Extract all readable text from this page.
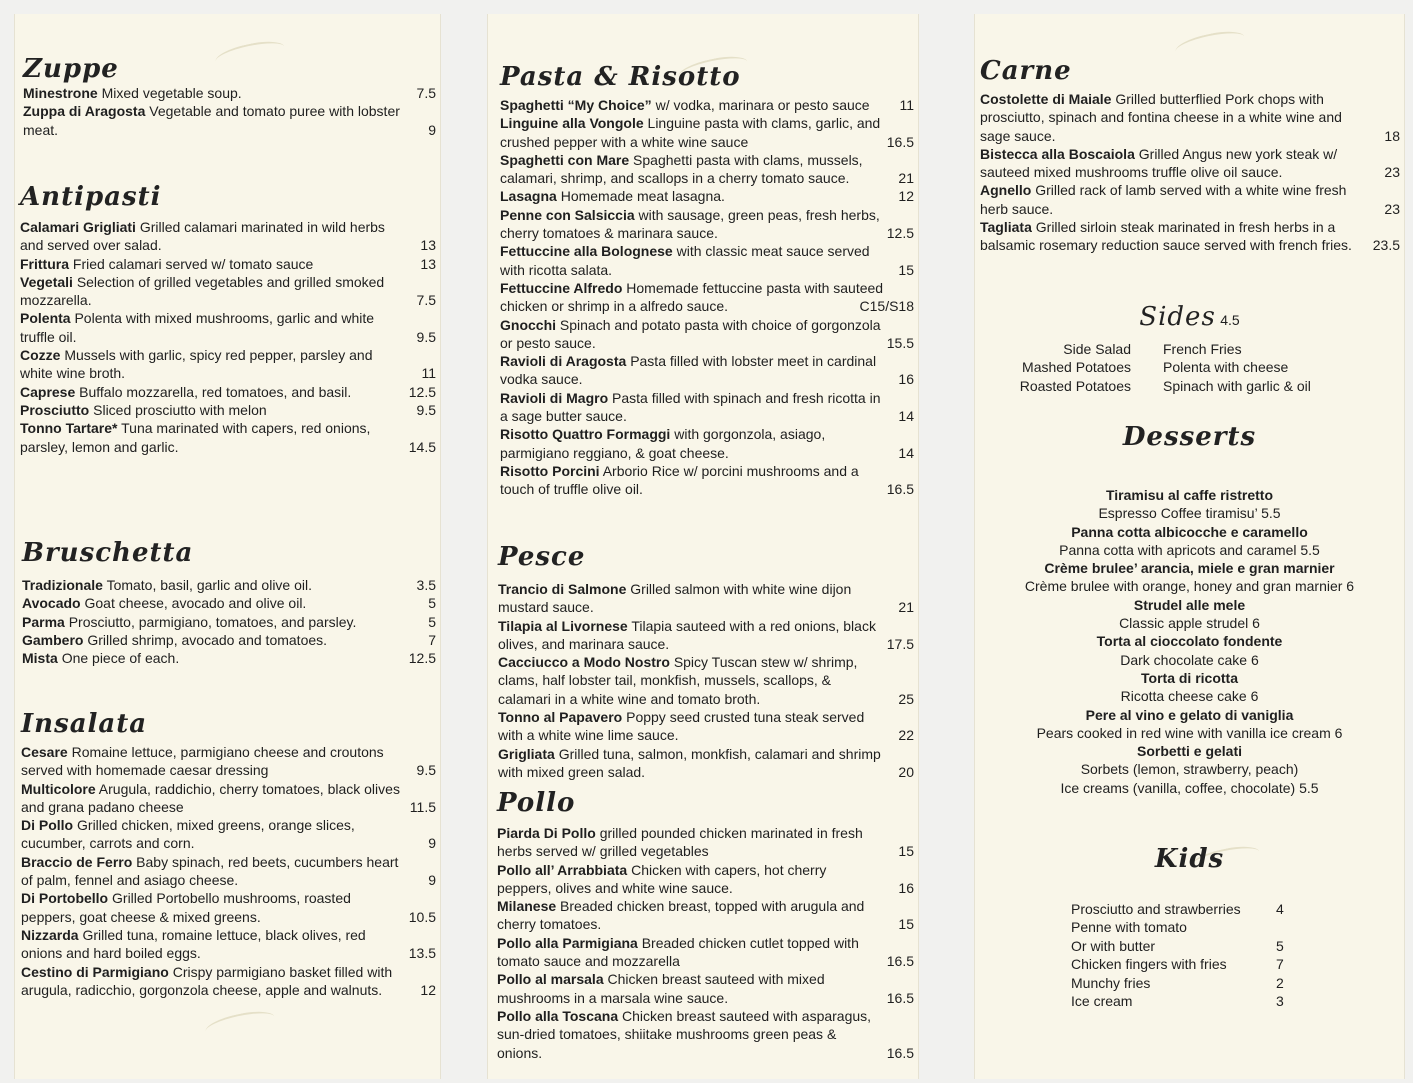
Zuppe
Minestrone Mixed vegetable soup.	7.5
Zuppa di Aragosta Vegetable and tomato puree with lobster meat.	9
Antipasti
Calamari Grigliati Grilled calamari marinated in wild herbs and served over salad.	13
Frittura Fried calamari served w/ tomato sauce	13
Vegetali Selection of grilled vegetables and grilled smoked mozzarella.	7.5
Polenta Polenta with mixed mushrooms, garlic and white truffle oil.	9.5
Cozze Mussels with garlic, spicy red pepper, parsley and white wine broth.	11
Caprese Buffalo mozzarella, red tomatoes, and basil.	12.5
Prosciutto Sliced prosciutto with melon	9.5
Tonno Tartare* Tuna marinated with capers, red onions, parsley, lemon and garlic.	14.5
Bruschetta
Tradizionale Tomato, basil, garlic and olive oil.	3.5
Avocado Goat cheese, avocado and olive oil.	5
Parma Prosciutto, parmigiano, tomatoes, and parsley.	5
Gambero Grilled shrimp, avocado and tomatoes.	7
Mista One piece of each.	12.5
Insalata
Cesare Romaine lettuce, parmigiano cheese and croutons served with homemade caesar dressing	9.5
Multicolore Arugula, raddichio, cherry tomatoes, black olives and grana padano cheese	11.5
Di Pollo Grilled chicken, mixed greens, orange slices, cucumber, carrots and corn.	9
Braccio de Ferro Baby spinach, red beets, cucumbers heart of palm, fennel and asiago cheese.	9
Di Portobello Grilled Portobello mushrooms, roasted peppers, goat cheese & mixed greens.	10.5
Nizzarda Grilled tuna, romaine lettuce, black olives, red onions and hard boiled eggs.	13.5
Cestino di Parmigiano Crispy parmigiano basket filled with arugula, radicchio, gorgonzola cheese, apple and walnuts.	12
Pasta & Risotto
Spaghetti “My Choice” w/ vodka, marinara or pesto sauce 11
Linguine alla Vongole Linguine pasta with clams, garlic, and crushed pepper with a white wine sauce	16.5
Spaghetti con Mare Spaghetti pasta with clams, mussels, calamari, shrimp, and scallops in a cherry tomato sauce.	21
Lasagna Homemade meat lasagna.	12
Penne con Salsiccia with sausage, green peas, fresh herbs, cherry tomatoes & marinara sauce.	12.5
Fettuccine alla Bolognese with classic meat sauce served with ricotta salata.	15
Fettuccine Alfredo Homemade fettuccine pasta with sauteed chicken or shrimp in a alfredo sauce.	C15/S18
Gnocchi Spinach and potato pasta with choice of gorgonzola or pesto sauce.	15.5
Ravioli di Aragosta Pasta filled with lobster meet in cardinal vodka sauce.	16
Ravioli di Magro Pasta filled with spinach and fresh ricotta in a sage butter sauce.	14
Risotto Quattro Formaggi with gorgonzola, asiago, parmigiano reggiano, & goat cheese.	14
Risotto Porcini Arborio Rice w/ porcini mushrooms and a touch of truffle olive oil.	16.5
Pesce
Trancio di Salmone Grilled salmon with white wine dijon mustard sauce.	21
Tilapia al Livornese Tilapia sauteed with a red onions, black olives, and marinara sauce.	17.5
Cacciucco a Modo Nostro Spicy Tuscan stew w/ shrimp, clams, half lobster tail, monkfish, mussels, scallops, & calamari in a white wine and tomato broth.	25
Tonno al Papavero Poppy seed crusted tuna steak served with a white wine lime sauce.	22
Grigliata Grilled tuna, salmon, monkfish, calamari and shrimp with mixed green salad.	20
Pollo
Piarda Di Pollo grilled pounded chicken marinated in fresh herbs served w/ grilled vegetables	15
Pollo all’ Arrabbiata Chicken with capers, hot cherry peppers, olives and white wine sauce.	16
Milanese Breaded chicken breast, topped with arugula and cherry tomatoes.	15
Pollo alla Parmigiana Breaded chicken cutlet topped with tomato sauce and mozzarella	16.5
Pollo al marsala Chicken breast sauteed with mixed mushrooms in a marsala wine sauce.	16.5
Pollo alla Toscana Chicken breast sauteed with asparagus, sun-dried tomatoes, shiitake mushrooms green peas & onions.	16.5
Carne
Costolette di Maiale Grilled butterflied Pork chops with prosciutto, spinach and fontina cheese in a white wine and sage sauce.	18
Bistecca alla Boscaiola Grilled Angus new york steak w/ sauteed mixed mushrooms truffle olive oil sauce.	23
Agnello Grilled rack of lamb served with a white wine fresh herb sauce.	23
Tagliata Grilled sirloin steak marinated in fresh herbs in a balsamic rosemary reduction sauce served with french fries. 23.5
Sides 4.5
Side Salad
Mashed Potatoes
Roasted Potatoes
French Fries
Polenta with cheese
Spinach with garlic & oil
Desserts
Tiramisu al caffe ristretto
Espresso Coffee tiramisu’ 5.5
Panna cotta albicocche e caramello
Panna cotta with apricots and caramel 5.5
Crème brulee’ arancia, miele e gran marnier
Crème brulee with orange, honey and gran marnier 6
Strudel alle mele
Classic apple strudel 6
Torta al cioccolato fondente
Dark chocolate cake 6
Torta di ricotta
Ricotta cheese cake 6
Pere al vino e gelato di vaniglia
Pears cooked in red wine with vanilla ice cream 6
Sorbetti e gelati
Sorbets (lemon, strawberry, peach)
Ice creams (vanilla, coffee, chocolate) 5.5
Kids
Prosciutto and strawberries	4
Penne with tomato
Or with butter	5
Chicken fingers with fries	7
Munchy fries	2
Ice cream	3
